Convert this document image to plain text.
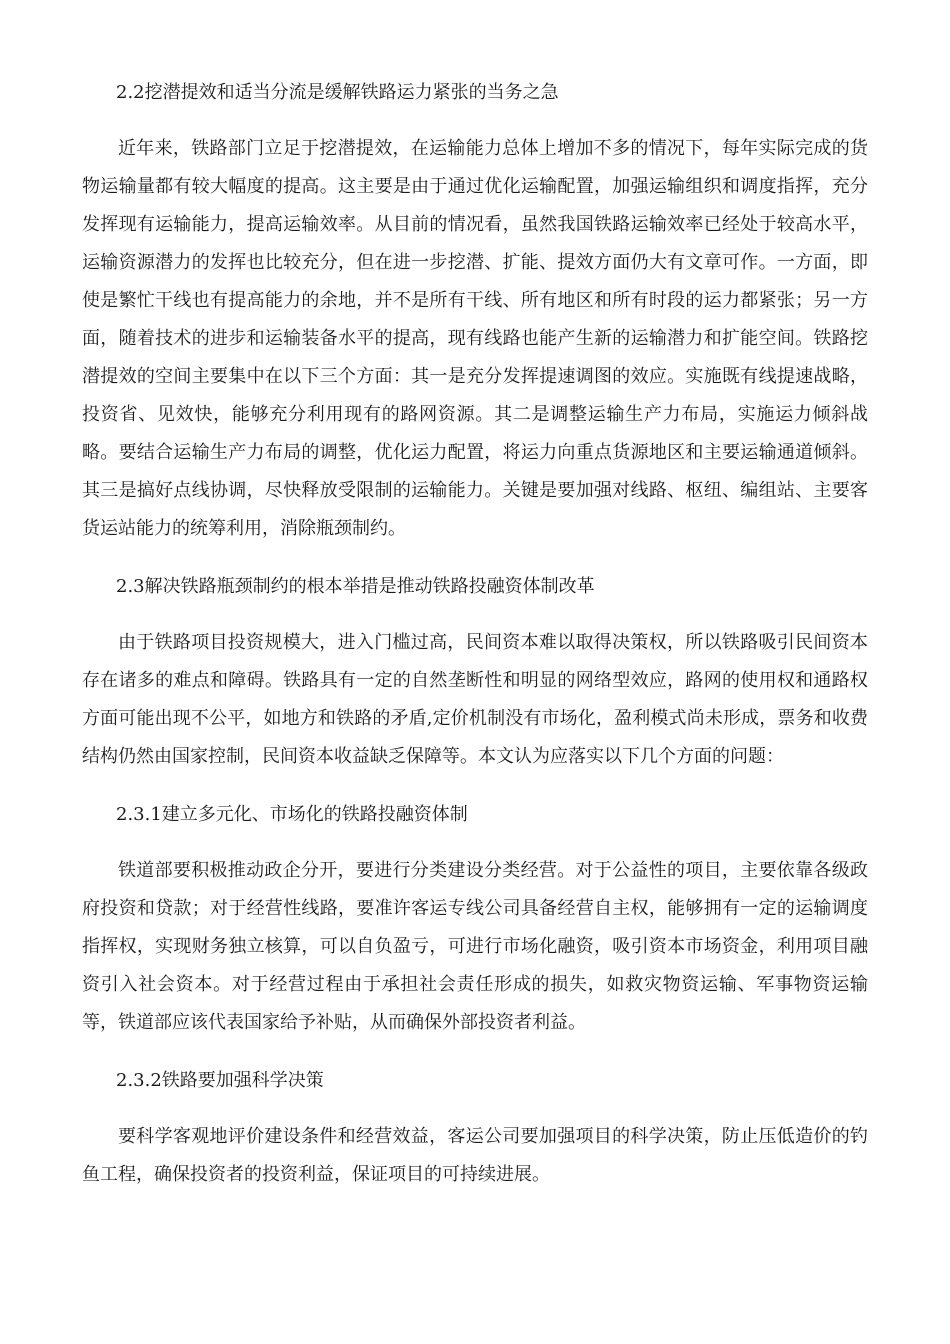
2.2挖潜提效和适当分流是缓解铁路运力紧张的当务之急

近年来，铁路部门立足于挖潜提效，在运输能力总体上增加不多的情况下，每年实际完成的货物运输量都有较大幅度的提高。这主要是由于通过优化运输配置，加强运输组织和调度指挥，充分发挥现有运输能力，提高运输效率。从目前的情况看，虽然我国铁路运输效率已经处于较高水平，运输资源潜力的发挥也比较充分，但在进一步挖潜、扩能、提效方面仍大有文章可作。一方面，即使是繁忙干线也有提高能力的余地，并不是所有干线、所有地区和所有时段的运力都紧张；另一方面，随着技术的进步和运输装备水平的提高，现有线路也能产生新的运输潜力和扩能空间。铁路挖潜提效的空间主要集中在以下三个方面：其一是充分发挥提速调图的效应。实施既有线提速战略，投资省、见效快，能够充分利用现有的路网资源。其二是调整运输生产力布局，实施运力倾斜战略。要结合运输生产力布局的调整，优化运力配置，将运力向重点货源地区和主要运输通道倾斜。其三是搞好点线协调，尽快释放受限制的运输能力。关键是要加强对线路、枢纽、编组站、主要客货运站能力的统筹利用，消除瓶颈制约。

2.3解决铁路瓶颈制约的根本举措是推动铁路投融资体制改革

由于铁路项目投资规模大，进入门槛过高，民间资本难以取得决策权，所以铁路吸引民间资本存在诸多的难点和障碍。铁路具有一定的自然垄断性和明显的网络型效应，路网的使用权和通路权方面可能出现不公平，如地方和铁路的矛盾,定价机制没有市场化，盈利模式尚未形成，票务和收费结构仍然由国家控制，民间资本收益缺乏保障等。本文认为应落实以下几个方面的问题：

2.3.1建立多元化、市场化的铁路投融资体制

铁道部要积极推动政企分开，要进行分类建设分类经营。对于公益性的项目，主要依靠各级政府投资和贷款；对于经营性线路，要准许客运专线公司具备经营自主权，能够拥有一定的运输调度指挥权，实现财务独立核算，可以自负盈亏，可进行市场化融资，吸引资本市场资金，利用项目融资引入社会资本。对于经营过程由于承担社会责任形成的损失，如救灾物资运输、军事物资运输等，铁道部应该代表国家给予补贴，从而确保外部投资者利益。

2.3.2铁路要加强科学决策

要科学客观地评价建设条件和经营效益，客运公司要加强项目的科学决策，防止压低造价的钓鱼工程，确保投资者的投资利益，保证项目的可持续进展。
